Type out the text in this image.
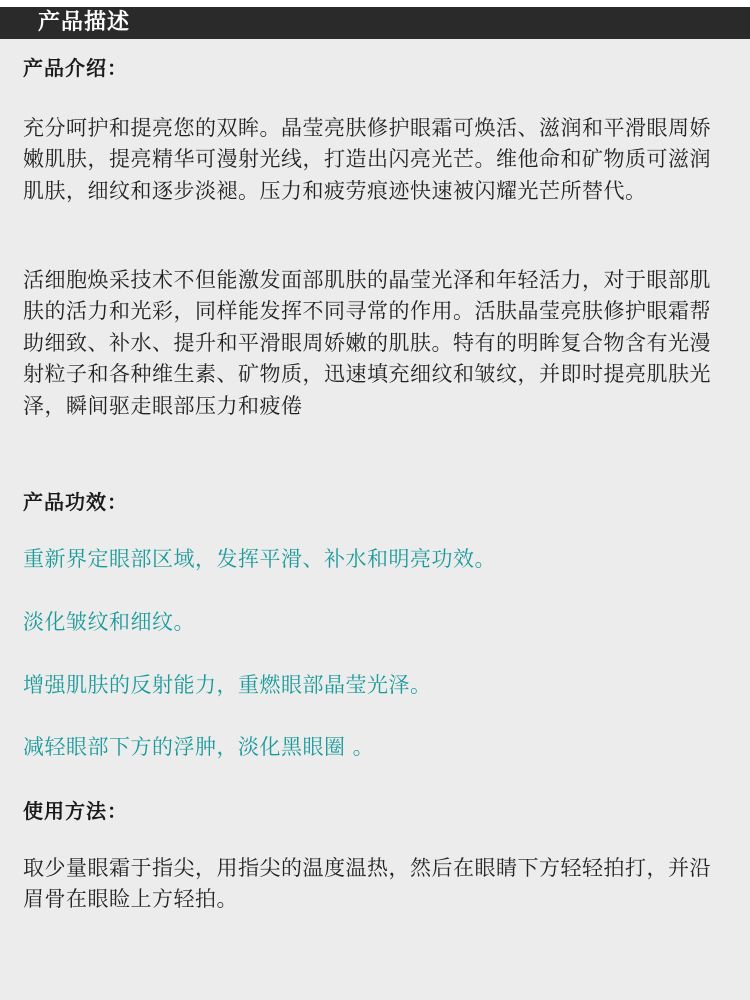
产品描述
产品介绍：

充分呵护和提亮您的双眸。晶莹亮肤修护眼霜可焕活、滋润和平滑眼周娇嫩肌肤，提亮精华可漫射光线，打造出闪亮光芒。维他命和矿物质可滋润肌肤，细纹和逐步淡褪。压力和疲劳痕迹快速被闪耀光芒所替代。

活细胞焕采技术不但能激发面部肌肤的晶莹光泽和年轻活力，对于眼部肌肤的活力和光彩，同样能发挥不同寻常的作用。活肤晶莹亮肤修护眼霜帮助细致、补水、提升和平滑眼周娇嫩的肌肤。特有的明眸复合物含有光漫射粒子和各种维生素、矿物质，迅速填充细纹和皱纹，并即时提亮肌肤光泽，瞬间驱走眼部压力和疲倦

产品功效：

重新界定眼部区域，发挥平滑、补水和明亮功效。

淡化皱纹和细纹。

增强肌肤的反射能力，重燃眼部晶莹光泽。

减轻眼部下方的浮肿，淡化黑眼圈 。

使用方法：

取少量眼霜于指尖，用指尖的温度温热，然后在眼睛下方轻轻拍打，并沿眉骨在眼睑上方轻拍。
